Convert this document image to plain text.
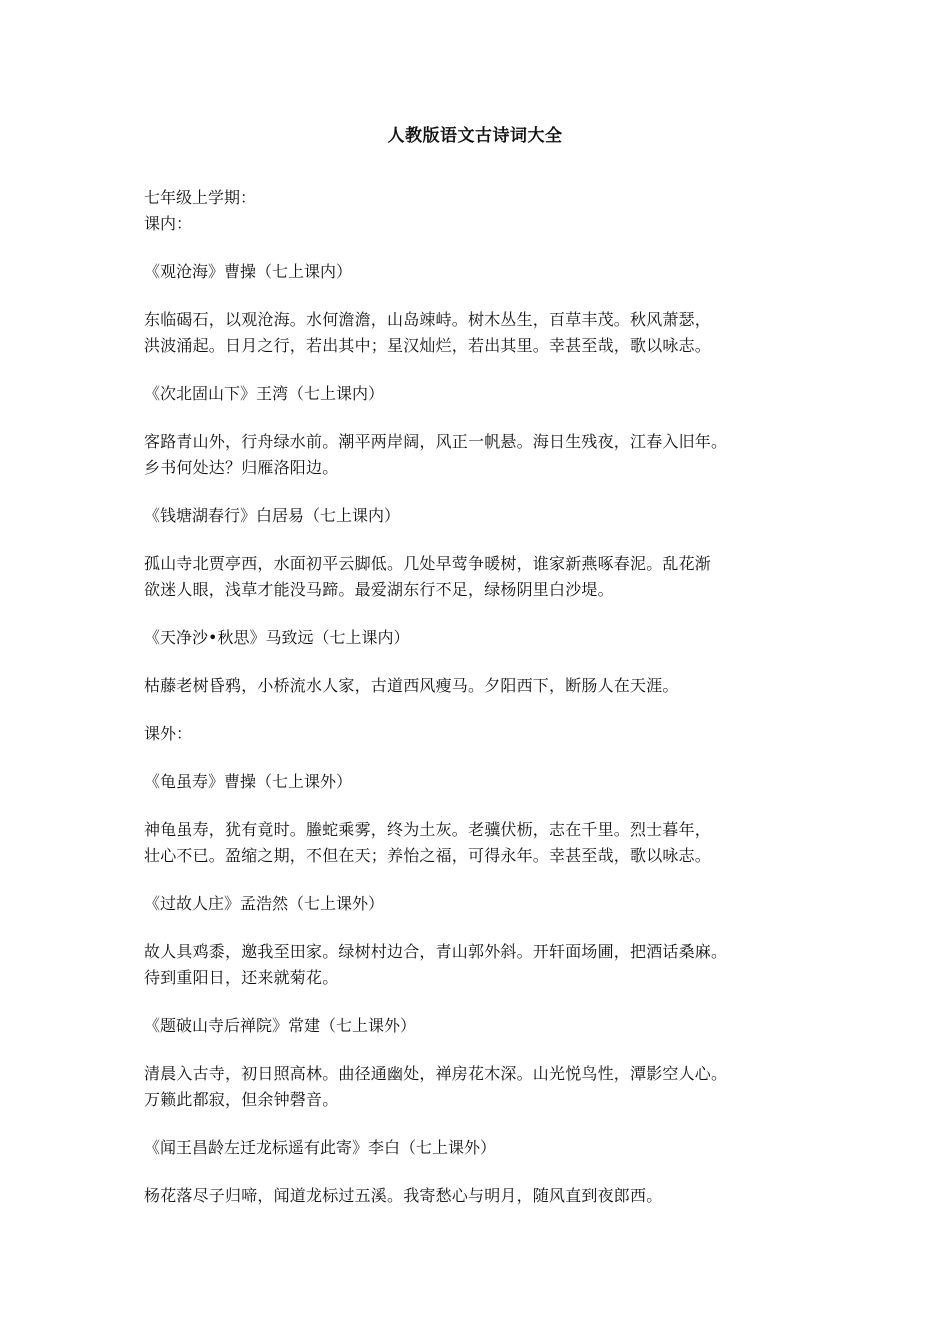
人教版语文古诗词大全

七年级上学期：

课内：

《观沧海》曹操（七上课内）

东临碣石，以观沧海。水何澹澹，山岛竦峙。树木丛生，百草丰茂。秋风萧瑟，

洪波涌起。日月之行，若出其中；星汉灿烂，若出其里。幸甚至哉，歌以咏志。

《次北固山下》王湾（七上课内）

客路青山外，行舟绿水前。潮平两岸阔，风正一帆悬。海日生残夜，江春入旧年。

乡书何处达？归雁洛阳边。

《钱塘湖春行》白居易（七上课内）

孤山寺北贾亭西，水面初平云脚低。几处早莺争暖树，谁家新燕啄春泥。乱花渐

欲迷人眼，浅草才能没马蹄。最爱湖东行不足，绿杨阴里白沙堤。

《天净沙•秋思》马致远（七上课内）

枯藤老树昏鸦，小桥流水人家，古道西风瘦马。夕阳西下，断肠人在天涯。

课外：

《龟虽寿》曹操（七上课外）

神龟虽寿，犹有竟时。螣蛇乘雾，终为土灰。老骥伏枥，志在千里。烈士暮年，

壮心不已。盈缩之期，不但在天；养怡之福，可得永年。幸甚至哉，歌以咏志。

《过故人庄》孟浩然（七上课外）

故人具鸡黍，邀我至田家。绿树村边合，青山郭外斜。开轩面场圃，把酒话桑麻。

待到重阳日，还来就菊花。

《题破山寺后禅院》常建（七上课外）

清晨入古寺，初日照高林。曲径通幽处，禅房花木深。山光悦鸟性，潭影空人心。

万籁此都寂，但余钟磬音。

《闻王昌龄左迁龙标遥有此寄》李白（七上课外）

杨花落尽子归啼，闻道龙标过五溪。我寄愁心与明月，随风直到夜郎西。
